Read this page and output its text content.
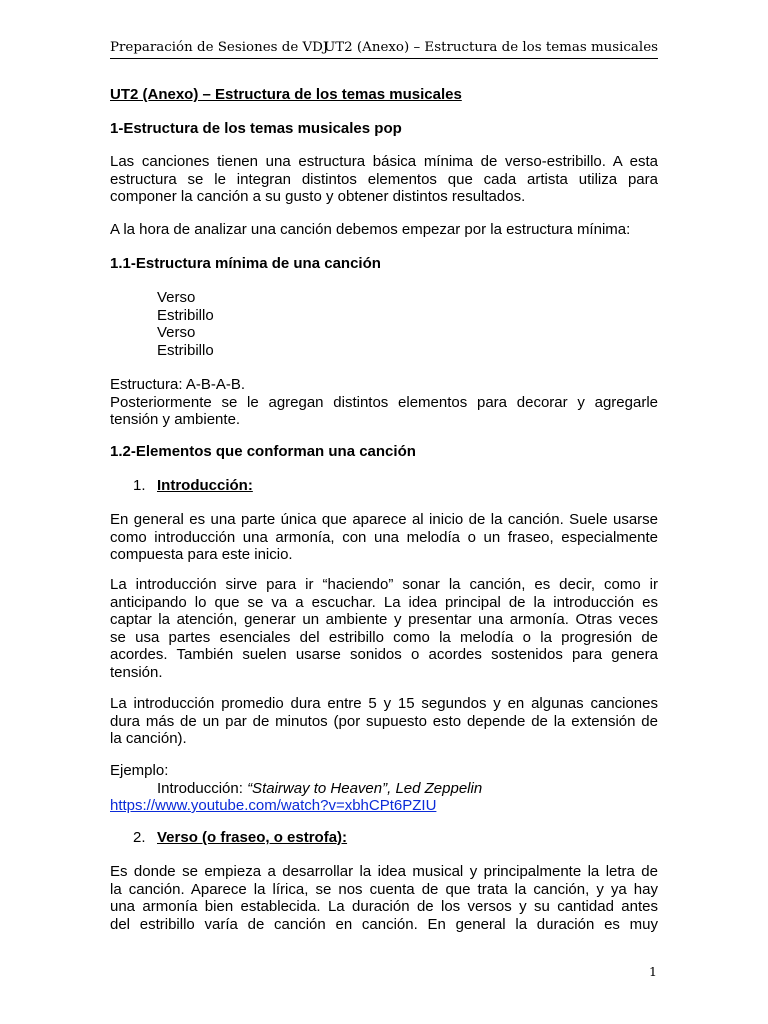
Preparación de Sesiones de VDJ
UT2 (Anexo) – Estructura de los temas musicales

UT2 (Anexo) – Estructura de los temas musicales

1-Estructura de los temas musicales pop

Las canciones tienen una estructura básica mínima de verso-estribillo. A esta

estructura se le integran distintos elementos que cada artista utiliza para

componer la canción a su gusto y obtener distintos resultados.

A la hora de analizar una canción debemos empezar por la estructura mínima:

1.1-Estructura mínima de una canción

Verso

Estribillo

Verso

Estribillo

Estructura: A-B-A-B.

Posteriormente se le agregan distintos elementos para decorar y agregarle

tensión y ambiente.

1.2-Elementos que conforman una canción

1. Introducción:

En general es una parte única que aparece al inicio de la canción. Suele usarse

como introducción una armonía, con una melodía o un fraseo, especialmente

compuesta para este inicio.

La introducción sirve para ir “haciendo” sonar la canción, es decir, como ir

anticipando lo que se va a escuchar. La idea principal de la introducción es

captar la atención, generar un ambiente y presentar una armonía. Otras veces

se usa partes esenciales del estribillo como la melodía o la progresión de

acordes. También suelen usarse sonidos o acordes sostenidos para genera

tensión.

La introducción promedio dura entre 5 y 15 segundos y en algunas canciones

dura más de un par de minutos (por supuesto esto depende de la extensión de

la canción).

Ejemplo:

Introducción: “Stairway to Heaven”, Led Zeppelin

https://www.youtube.com/watch?v=xbhCPt6PZIU

2. Verso (o fraseo, o estrofa):

Es donde se empieza a desarrollar la idea musical y principalmente la letra de

la canción. Aparece la lírica, se nos cuenta de que trata la canción, y ya hay

una armonía bien establecida. La duración de los versos y su cantidad antes

del estribillo varía de canción en canción. En general la duración es muy

1
